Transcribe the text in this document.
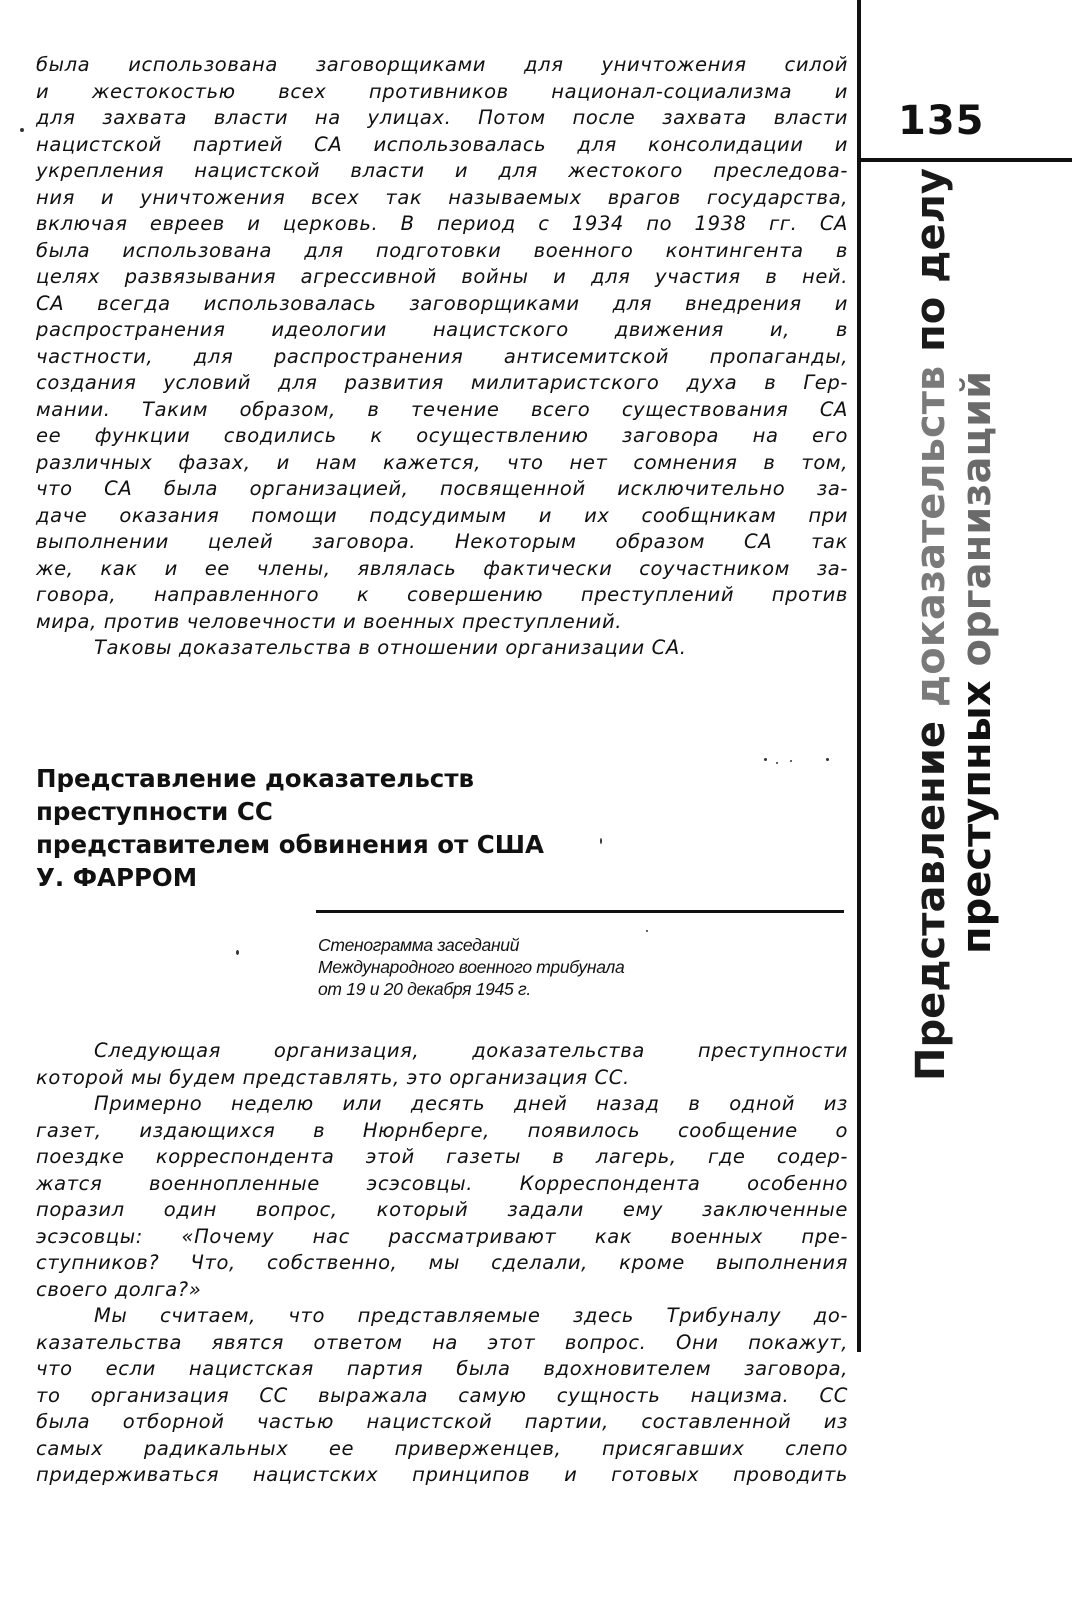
была использована заговорщиками для уничтожения силой

и жестокостью всех противников национал-социализма и

для захвата власти на улицах. Потом после захвата власти

нацистской партией СА использовалась для консолидации и

укрепления нацистской власти и для жестокого преследова-

ния и уничтожения всех так называемых врагов государства,

включая евреев и церковь. В период с 1934 по 1938 гг. СА

была использована для подготовки военного контингента в

целях развязывания агрессивной войны и для участия в ней.

СА всегда использовалась заговорщиками для внедрения и

распространения идеологии нацистского движения и, в

частности, для распространения антисемитской пропаганды,

создания условий для развития милитаристского духа в Гер-

мании. Таким образом, в течение всего существования СА

ее функции сводились к осуществлению заговора на его

различных фазах, и нам кажется, что нет сомнения в том,

что СА была организацией, посвященной исключительно за-

даче оказания помощи подсудимым и их сообщникам при

выполнении целей заговора. Некоторым образом СА так

же, как и ее члены, являлась фактически соучастником за-

говора, направленного к совершению преступлений против

мира, против человечности и военных преступлений.

Таковы доказательства в отношении организации СА.

Представление доказательств
преступности СС
представителем обвинения от США
У. ФАРРОМ
Стенограмма заседаний
Международного военного трибунала
от 19 и 20 декабря 1945 г.

Следующая организация, доказательства преступности

которой мы будем представлять, это организация СС.

Примерно неделю или десять дней назад в одной из

газет, издающихся в Нюрнберге, появилось сообщение о

поездке корреспондента этой газеты в лагерь, где содер-

жатся военнопленные эсэсовцы. Корреспондента особенно

поразил один вопрос, который задали ему заключенные

эсэсовцы: «Почему нас рассматривают как военных пре-

ступников? Что, собственно, мы сделали, кроме выполнения

своего долга?»

Мы считаем, что представляемые здесь Трибуналу до-

казательства явятся ответом на этот вопрос. Они покажут,

что если нацистская партия была вдохновителем заговора,

то организация СС выражала самую сущность нацизма. СС

была отборной частью нацистской партии, составленной из

самых радикальных ее приверженцев, присягавших слепо

придерживаться нацистских принципов и готовых проводить

135
Представление доказательств по делу
преступных организаций
